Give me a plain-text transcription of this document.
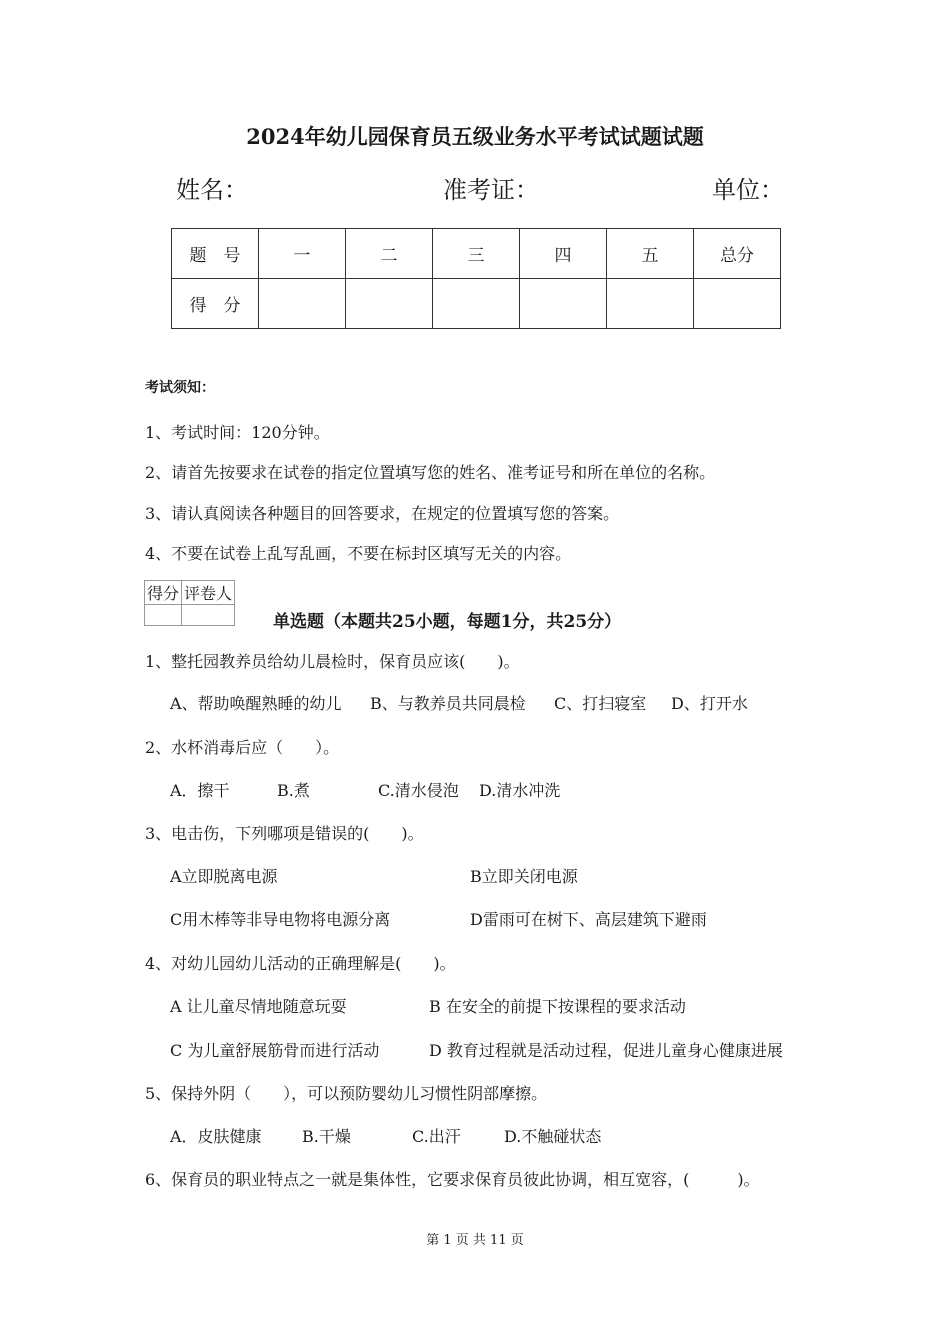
2024年幼儿园保育员五级业务水平考试试题试题
姓名：	准考证：	单位：
题　号	一	二	三	四	五	总分
得　分						
考试须知：
1、考试时间：120分钟。
2、请首先按要求在试卷的指定位置填写您的姓名、准考证号和所在单位的名称。
3、请认真阅读各种题目的回答要求，在规定的位置填写您的答案。
4、不要在试卷上乱写乱画，不要在标封区填写无关的内容。
得分	评卷人

单选题（本题共25小题，每题1分，共25分）
1、整托园教养员给幼儿晨检时，保育员应该(　　)。
A、帮助唤醒熟睡的幼儿 B、与教养员共同晨检 C、打扫寝室 D、打开水
2、水杯消毒后应（　　）。
A．擦干	B.煮	C.清水侵泡 D.清水冲洗
3、电击伤，下列哪项是错误的(　　)。
A立即脱离电源	B立即关闭电源
C用木棒等非导电物将电源分离	D雷雨可在树下、高层建筑下避雨
4、对幼儿园幼儿活动的正确理解是(　　)。
A 让儿童尽情地随意玩耍	B 在安全的前提下按课程的要求活动
C 为儿童舒展筋骨而进行活动	D 教育过程就是活动过程，促进儿童身心健康进展
5、保持外阴（　　），可以预防婴幼儿习惯性阴部摩擦。
A．皮肤健康	B.干燥	C.出汗	D.不触碰状态
6、保育员的职业特点之一就是集体性，它要求保育员彼此协调，相互宽容，(　　　)。
第 1 页 共 11 页
